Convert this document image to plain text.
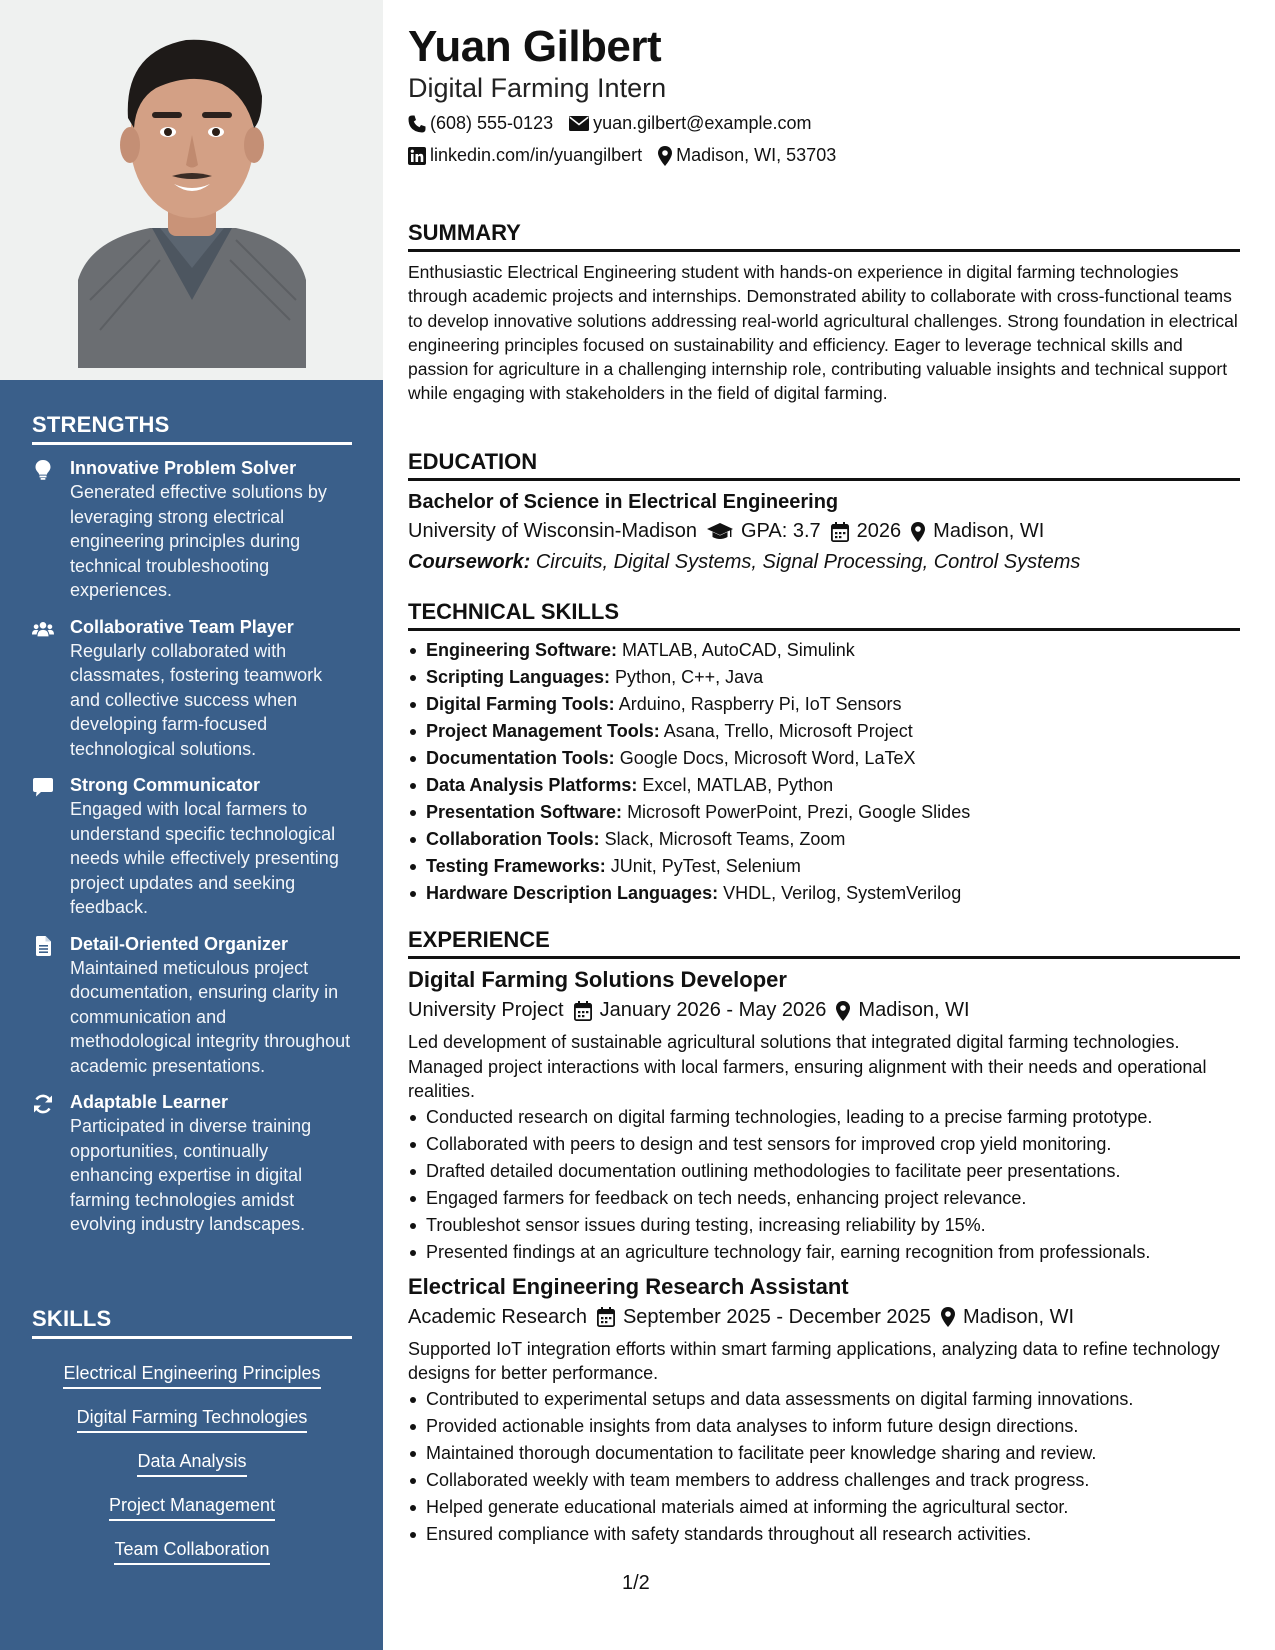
STRENGTHS
Innovative Problem Solver
Generated effective solutions by leveraging strong electrical engineering principles during technical troubleshooting experiences.
Collaborative Team Player
Regularly collaborated with classmates, fostering teamwork and collective success when developing farm-focused technological solutions.
Strong Communicator
Engaged with local farmers to understand specific technological needs while effectively presenting project updates and seeking feedback.
Detail-Oriented Organizer
Maintained meticulous project documentation, ensuring clarity in communication and methodological integrity throughout academic presentations.
Adaptable Learner
Participated in diverse training opportunities, continually enhancing expertise in digital farming technologies amidst evolving industry landscapes.
SKILLS
Electrical Engineering Principles
Digital Farming Technologies
Data Analysis
Project Management
Team Collaboration
Yuan Gilbert
Digital Farming Intern
(608) 555-0123 yuan.gilbert@example.com
linkedin.com/in/yuangilbert Madison, WI, 53703
SUMMARY
Enthusiastic Electrical Engineering student with hands-on experience in digital farming technologies through academic projects and internships. Demonstrated ability to collaborate with cross-functional teams to develop innovative solutions addressing real-world agricultural challenges. Strong foundation in electrical engineering principles focused on sustainability and efficiency. Eager to leverage technical skills and passion for agriculture in a challenging internship role, contributing valuable insights and technical support while engaging with stakeholders in the field of digital farming.
EDUCATION
Bachelor of Science in Electrical Engineering
University of Wisconsin-Madison GPA: 3.7 2026 Madison, WI
Coursework: Circuits, Digital Systems, Signal Processing, Control Systems
TECHNICAL SKILLS
Engineering Software: MATLAB, AutoCAD, Simulink
Scripting Languages: Python, C++, Java
Digital Farming Tools: Arduino, Raspberry Pi, IoT Sensors
Project Management Tools: Asana, Trello, Microsoft Project
Documentation Tools: Google Docs, Microsoft Word, LaTeX
Data Analysis Platforms: Excel, MATLAB, Python
Presentation Software: Microsoft PowerPoint, Prezi, Google Slides
Collaboration Tools: Slack, Microsoft Teams, Zoom
Testing Frameworks: JUnit, PyTest, Selenium
Hardware Description Languages: VHDL, Verilog, SystemVerilog
EXPERIENCE
Digital Farming Solutions Developer
University Project January 2026 - May 2026 Madison, WI
Led development of sustainable agricultural solutions that integrated digital farming technologies. Managed project interactions with local farmers, ensuring alignment with their needs and operational realities.
Conducted research on digital farming technologies, leading to a precise farming prototype.
Collaborated with peers to design and test sensors for improved crop yield monitoring.
Drafted detailed documentation outlining methodologies to facilitate peer presentations.
Engaged farmers for feedback on tech needs, enhancing project relevance.
Troubleshot sensor issues during testing, increasing reliability by 15%.
Presented findings at an agriculture technology fair, earning recognition from professionals.
Electrical Engineering Research Assistant
Academic Research September 2025 - December 2025 Madison, WI
Supported IoT integration efforts within smart farming applications, analyzing data to refine technology designs for better performance.
Contributed to experimental setups and data assessments on digital farming innovations.
Provided actionable insights from data analyses to inform future design directions.
Maintained thorough documentation to facilitate peer knowledge sharing and review.
Collaborated weekly with team members to address challenges and track progress.
Helped generate educational materials aimed at informing the agricultural sector.
Ensured compliance with safety standards throughout all research activities.
1/2
